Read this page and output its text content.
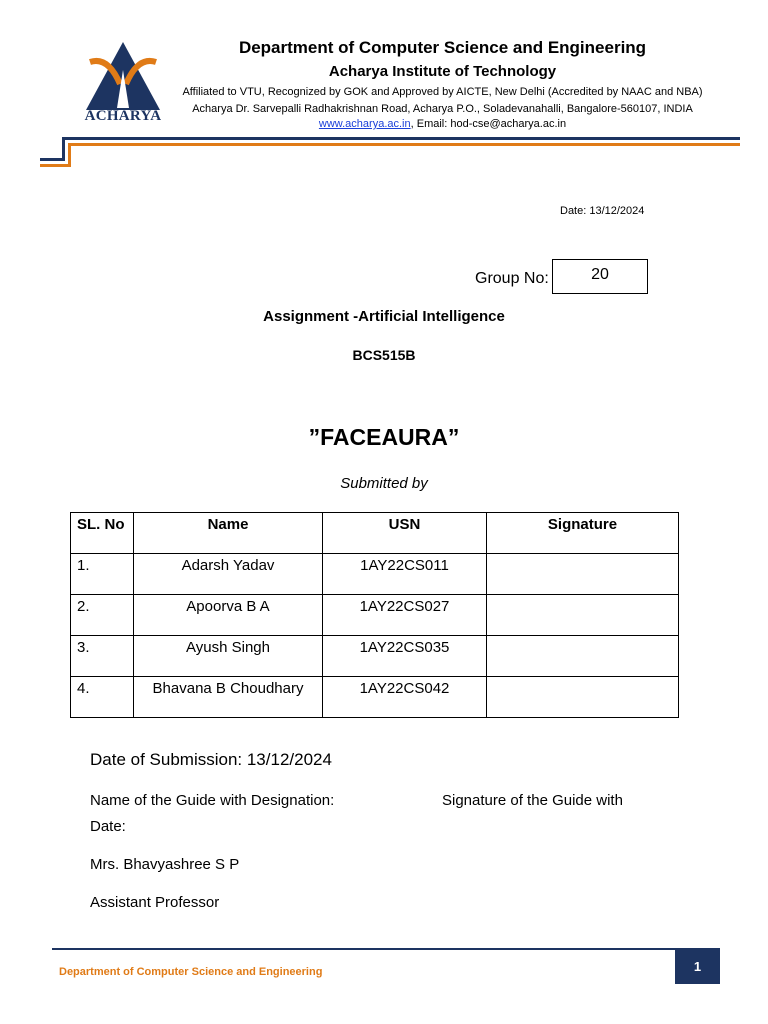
ACHARYA
Department of Computer Science and Engineering
Acharya Institute of Technology
Affiliated to VTU, Recognized by GOK and Approved by AICTE, New Delhi (Accredited by NAAC and NBA)
Acharya Dr. Sarvepalli Radhakrishnan Road, Acharya P.O., Soladevanahalli, Bangalore-560107, INDIA
www.acharya.ac.in, Email: hod-cse@acharya.ac.in
Date: 13/12/2024
Group No:	20
Assignment -Artificial Intelligence
BCS515B
”FACEAURA”
Submitted by
SL. No	Name	USN	Signature
1.	Adarsh Yadav	1AY22CS011	
2.	Apoorva B A	1AY22CS027	
3.	Ayush Singh	1AY22CS035	
4.	Bhavana B Choudhary	1AY22CS042	
Date of Submission: 13/12/2024
Name of the Guide with Designation:	Signature of the Guide with
Date:
Mrs. Bhavyashree S P
Assistant Professor
Department of Computer Science and Engineering	1
